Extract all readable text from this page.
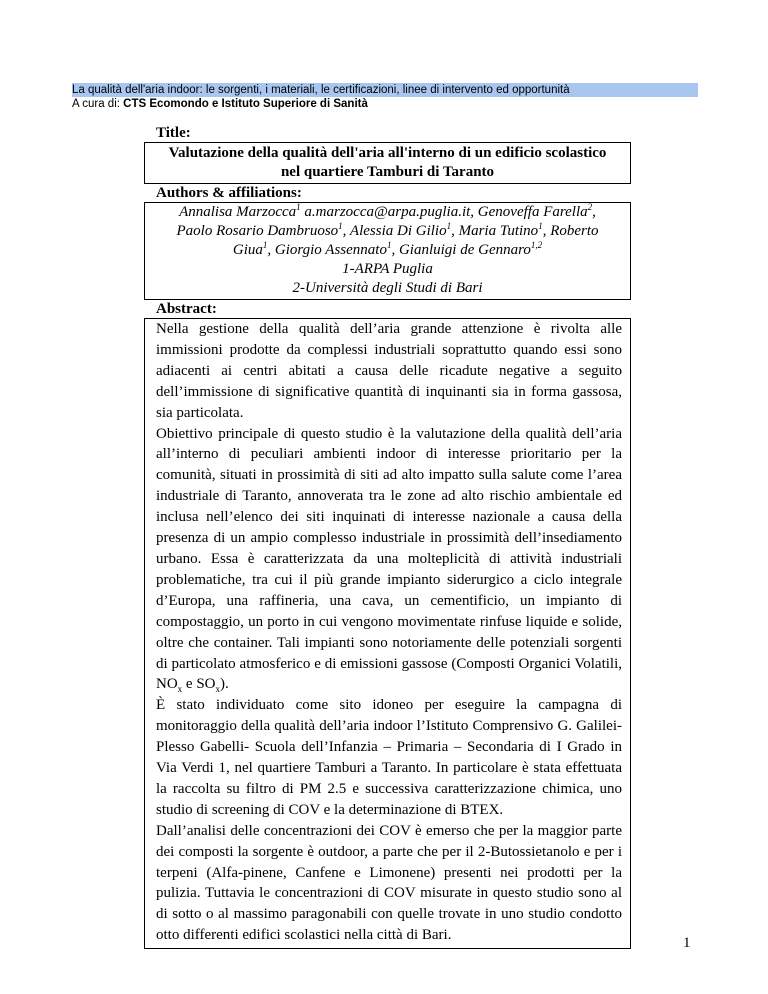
La qualità dell'aria indoor: le sorgenti, i materiali, le certificazioni, linee di intervento ed opportunità
A cura di: CTS Ecomondo e Istituto Superiore di Sanità
Title:
Valutazione della qualità dell'aria all'interno di un edificio scolastico
nel quartiere Tamburi di Taranto
Authors & affiliations:
Annalisa Marzocca$^1$ a.marzocca@arpa.puglia.it, Genoveffa Farella$^2$,
Paolo Rosario Dambruoso$^1$, Alessia Di Gilio$^1$, Maria Tutino$^1$, Roberto
Giua$^1$, Giorgio Assennato$^1$, Gianluigi de Gennaro$^{1,2}$
1-ARPA Puglia
2-Università degli Studi di Bari
Abstract:

Nella gestione della qualità dell’aria grande attenzione è rivolta alle immissioni prodotte da complessi industriali soprattutto quando essi sono adiacenti ai centri abitati a causa delle ricadute negative a seguito dell’immissione di significative quantità di inquinanti sia in forma gassosa, sia particolata.

Obiettivo principale di questo studio è la valutazione della qualità dell’aria all’interno di peculiari ambienti indoor di interesse prioritario per la comunità, situati in prossimità di siti ad alto impatto sulla salute come l’area industriale di Taranto, annoverata tra le zone ad alto rischio ambientale ed inclusa nell’elenco dei siti inquinati di interesse nazionale a causa della presenza di un ampio complesso industriale in prossimità dell’insediamento urbano. Essa è caratterizzata da una molteplicità di attività industriali problematiche, tra cui il più grande impianto siderurgico a ciclo integrale d’Europa, una raffineria, una cava, un cementificio, un impianto di compostaggio, un porto in cui vengono movimentate rinfuse liquide e solide, oltre che container. Tali impianti sono notoriamente delle potenziali sorgenti di particolato atmosferico e di emissioni gassose (Composti Organici Volatili, $NO_x$ e $SO_x$).

È stato individuato come sito idoneo per eseguire la campagna di monitoraggio della qualità dell’aria indoor l’Istituto Comprensivo G. Galilei- Plesso Gabelli- Scuola dell’Infanzia – Primaria – Secondaria di I Grado in Via Verdi 1, nel quartiere Tamburi a Taranto. In particolare è stata effettuata la raccolta su filtro di PM 2.5 e successiva caratterizzazione chimica, uno studio di screening di COV e la determinazione di BTEX.

Dall’analisi delle concentrazioni dei COV è emerso che per la maggior parte dei composti la sorgente è outdoor, a parte che per il 2-Butossietanolo e per i terpeni (Alfa-pinene, Canfene e Limonene) presenti nei prodotti per la pulizia. Tuttavia le concentrazioni di COV misurate in questo studio sono al di sotto o al massimo paragonabili con quelle trovate in uno studio condotto otto differenti edifici scolastici nella città di Bari.	1
